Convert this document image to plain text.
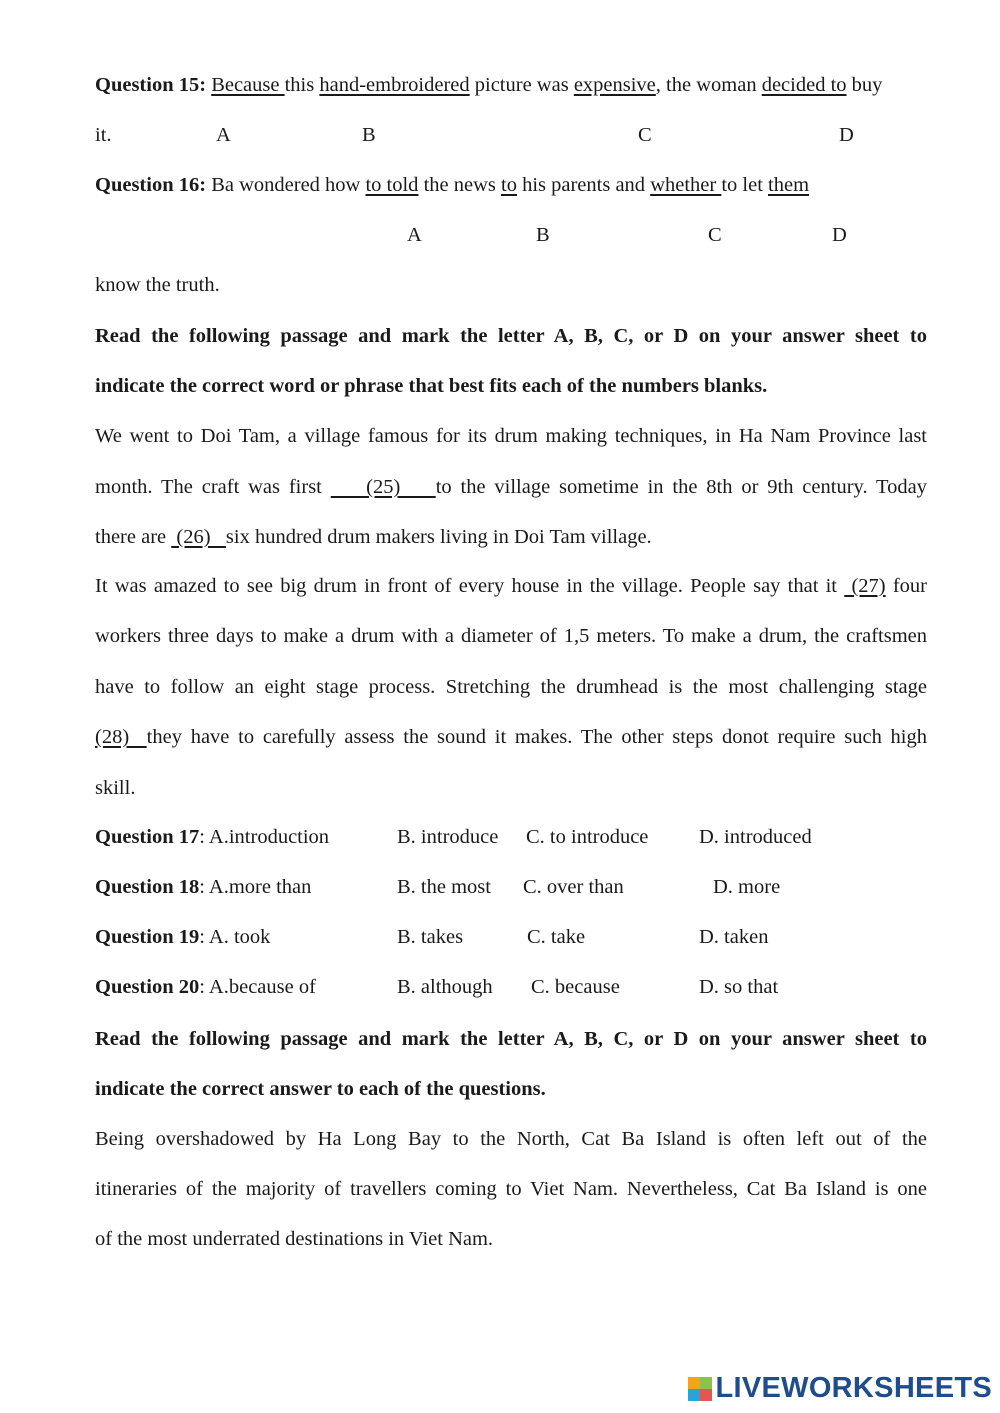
Question 15: Because this hand-embroidered picture was expensive, the woman decided to buy
it.	A	B	C	D
Question 16: Ba wondered how to told the news to his parents and whether to let them
A	B	C	D
know the truth.
Read the following passage and mark the letter A, B, C, or D on your answer sheet to
indicate the correct word or phrase that best fits each of the numbers blanks.
We went to Doi Tam, a village famous for its drum making techniques, in Ha Nam Province last
month. The craft was first     (25)    to the village sometime in the 8th or 9th century. Today
there are  (26)   six hundred drum makers living in Doi Tam village.
It was amazed to see big drum in front of every house in the village. People say that it  (27) four
workers three days to make a drum with a diameter of 1,5 meters. To make a drum, the craftsmen
have to follow an eight stage process. Stretching the drumhead is the most challenging stage
(28)  they have to carefully assess the sound it makes. The other steps donot require such high
skill.
Question 17: A.introduction	B. introduce C. to introduce D. introduced
Question 18: A.more than	B. the most C. over than	D. more
Question 19: A. took	B. takes	C. take	D. taken
Question 20: A.because of	B. although C. because	D. so that
Read the following passage and mark the letter A, B, C, or D on your answer sheet to
indicate the correct answer to each of the questions.
Being overshadowed by Ha Long Bay to the North, Cat Ba Island is often left out of the
itineraries of the majority of travellers coming to Viet Nam. Nevertheless, Cat Ba Island is one
of the most underrated destinations in Viet Nam.
LIVEWORKSHEETS
